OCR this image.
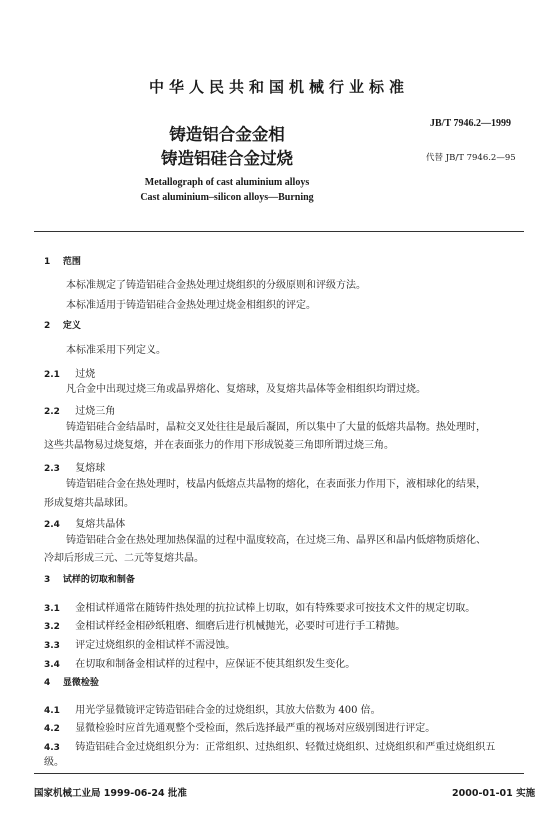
中华人民共和国机械行业标准
JB/T 7946.2—1999
代替 JB/T 7946.2—95
铸造铝合金金相
铸造铝硅合金过烧
Metallograph of cast aluminium alloys
Cast aluminium–silicon alloys—Burning
1 范围
本标准规定了铸造铝硅合金热处理过烧组织的分级原则和评级方法。
本标准适用于铸造铝硅合金热处理过烧金相组织的评定。
2 定义
本标准采用下列定义。
2.1 过烧
凡合金中出现过烧三角或晶界熔化、复熔球，及复熔共晶体等金相组织均谓过烧。
2.2 过烧三角
铸造铝硅合金结晶时，晶粒交叉处往往是最后凝固，所以集中了大量的低熔共晶物。热处理时，
这些共晶物易过烧复熔，并在表面张力的作用下形成锐菱三角即所谓过烧三角。
2.3 复熔球
铸造铝硅合金在热处理时，枝晶内低熔点共晶物的熔化，在表面张力作用下，液相球化的结果，
形成复熔共晶球团。
2.4 复熔共晶体
铸造铝硅合金在热处理加热保温的过程中温度较高，在过烧三角、晶界区和晶内低熔物质熔化、
冷却后形成三元、二元等复熔共晶。
3 试样的切取和制备
3.1 金相试样通常在随铸件热处理的抗拉试棒上切取，如有特殊要求可按技术文件的规定切取。
3.2 金相试样经金相砂纸粗磨、细磨后进行机械抛光，必要时可进行手工精抛。
3.3 评定过烧组织的金相试样不需浸蚀。
3.4 在切取和制备金相试样的过程中，应保证不使其组织发生变化。
4 显微检验
4.1 用光学显微镜评定铸造铝硅合金的过烧组织，其放大倍数为 400 倍。
4.2 显微检验时应首先通观整个受检面，然后选择最严重的视场对应级别图进行评定。
4.3 铸造铝硅合金过烧组织分为：正常组织、过热组织、轻微过烧组织、过烧组织和严重过烧组织五
级。
国家机械工业局 1999-06-24 批准	2000-01-01 实施
